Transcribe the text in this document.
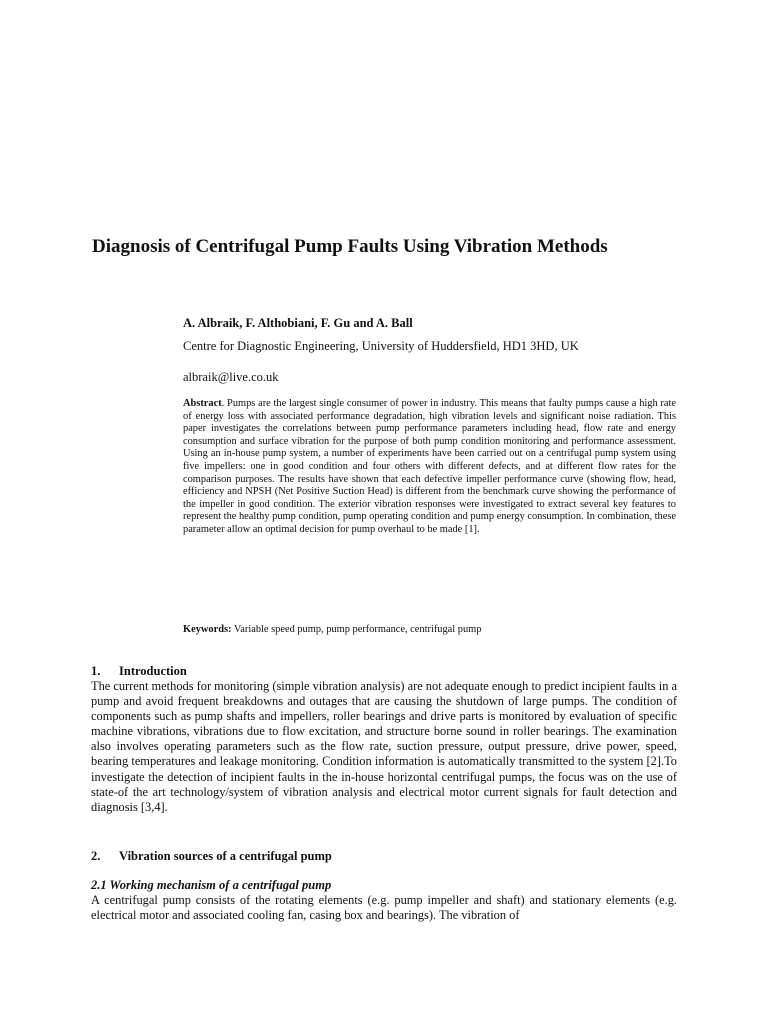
Diagnosis of Centrifugal Pump Faults Using Vibration Methods
A. Albraik, F. Althobiani, F. Gu and A. Ball
Centre for Diagnostic Engineering, University of Huddersfield, HD1 3HD, UK
albraik@live.co.uk

Abstract. Pumps are the largest single consumer of power in industry. This means that faulty pumps cause a high rate of energy loss with associated performance degradation, high vibration levels and significant noise radiation. This paper investigates the correlations between pump performance parameters including head, flow rate and energy consumption and surface vibration for the purpose of both pump condition monitoring and performance assessment. Using an in-house pump system, a number of experiments have been carried out on a centrifugal pump system using five impellers: one in good condition and four others with different defects, and at different flow rates for the comparison purposes. The results have shown that each defective impeller performance curve (showing flow, head, efficiency and NPSH (Net Positive Suction Head) is different from the benchmark curve showing the performance of the impeller in good condition. The exterior vibration responses were investigated to extract several key features to represent the healthy pump condition, pump operating condition and pump energy consumption. In combination, these parameter allow an optimal decision for pump overhaul to be made [1].

Keywords: Variable speed pump, pump performance, centrifugal pump
1. Introduction

The current methods for monitoring (simple vibration analysis) are not adequate enough to predict incipient faults in a pump and avoid frequent breakdowns and outages that are causing the shutdown of large pumps. The condition of components such as pump shafts and impellers, roller bearings and drive parts is monitored by evaluation of specific machine vibrations, vibrations due to flow excitation, and structure borne sound in roller bearings. The examination also involves operating parameters such as the flow rate, suction pressure, output pressure, drive power, speed, bearing temperatures and leakage monitoring. Condition information is automatically transmitted to the system [2].To investigate the detection of incipient faults in the in-house horizontal centrifugal pumps, the focus was on the use of state-of the art technology/system of vibration analysis and electrical motor current signals for fault detection and diagnosis [3,4].

2. Vibration sources of a centrifugal pump
2.1 Working mechanism of a centrifugal pump

A centrifugal pump consists of the rotating elements (e.g. pump impeller and shaft) and stationary elements (e.g. electrical motor and associated cooling fan, casing box and bearings). The vibration of
